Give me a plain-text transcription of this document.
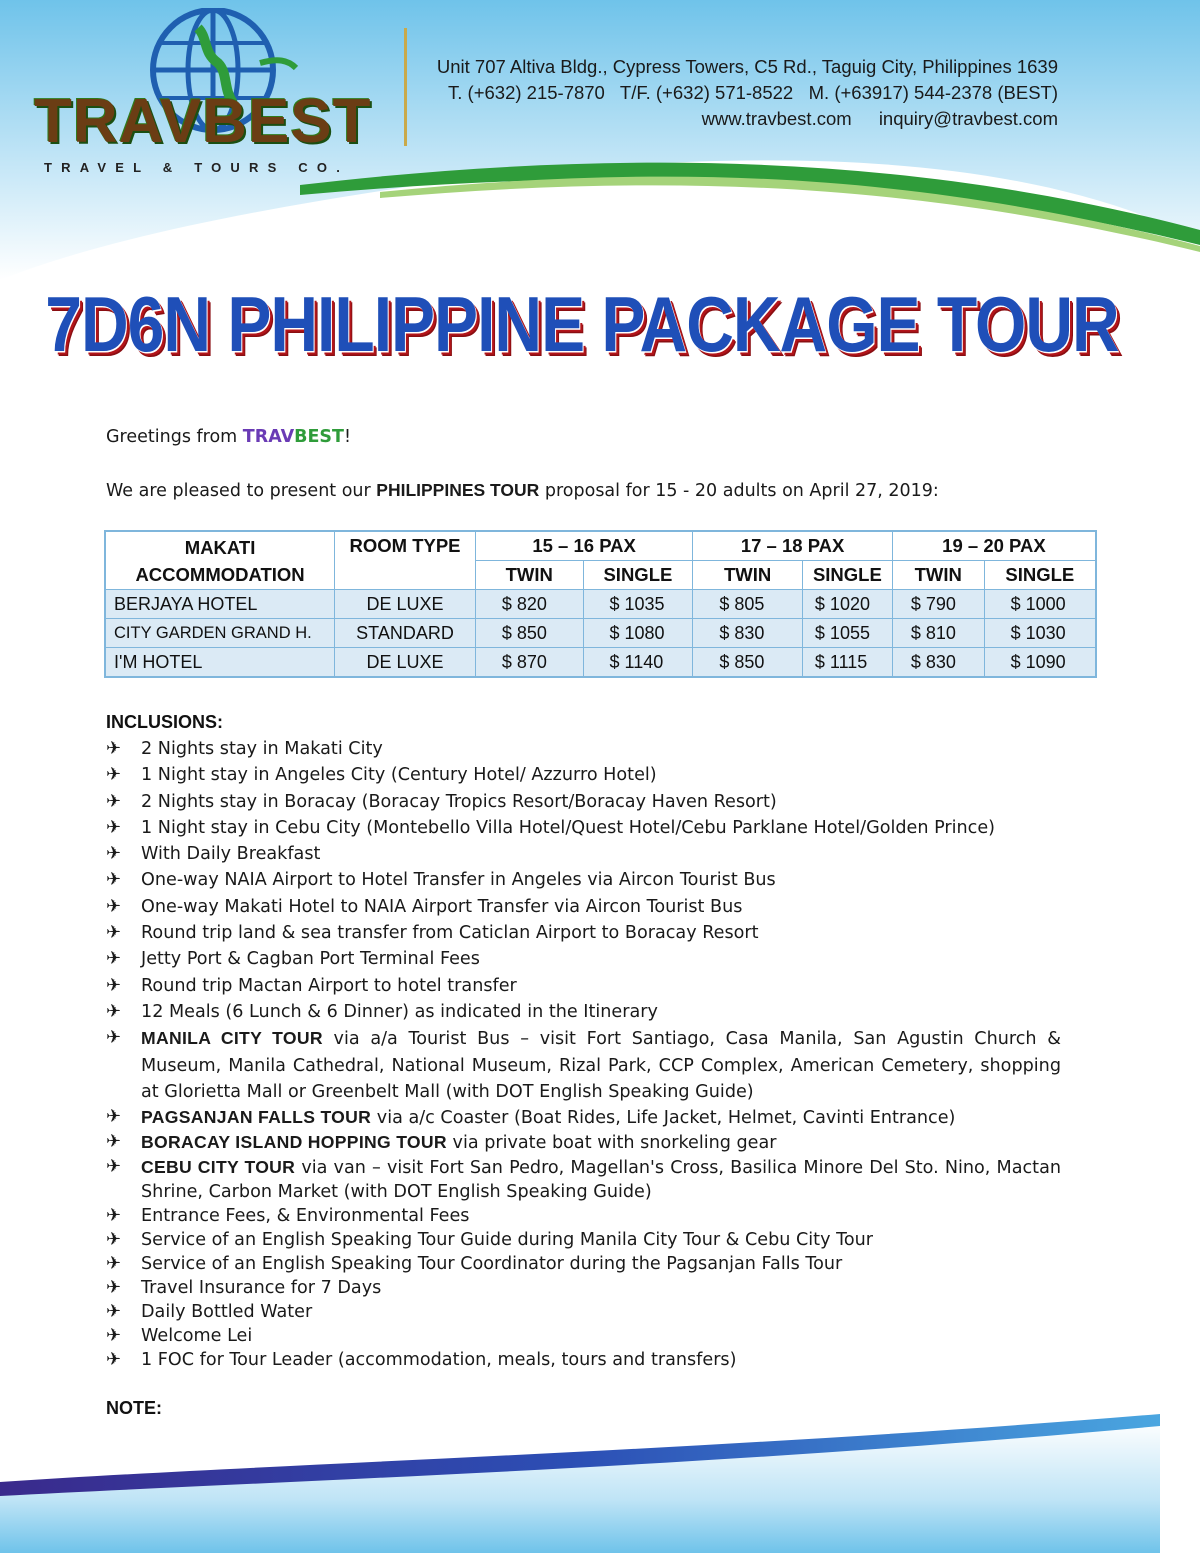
TRAVBEST
TRAVEL & TOURS CO.
Unit 707 Altiva Bldg., Cypress Towers, C5 Rd., Taguig City, Philippines 1639
T. (+632) 215-7870   T/F. (+632) 571-8522   M. (+63917) 544-2378 (BEST)
www.travbest.com inquiry@travbest.com
7D6N PHILIPPINE PACKAGE TOUR
Greetings from TRAVBEST!
We are pleased to present our PHILIPPINES TOUR proposal for 15 - 20 adults on April 27, 2019:
MAKATI
ACCOMMODATION	ROOM TYPE	15 – 16 PAX		17 – 18 PAX		19 – 20 PAX	
		TWIN	SINGLE	TWIN	SINGLE	TWIN	SINGLE
BERJAYA HOTEL	DE LUXE	$ 820	$ 1035	$ 805	$ 1020	$ 790	$ 1000
CITY GARDEN GRAND H.	STANDARD	$ 850	$ 1080	$ 830	$ 1055	$ 810	$ 1030
I'M HOTEL	DE LUXE	$ 870	$ 1140	$ 850	$ 1115	$ 830	$ 1090
INCLUSIONS:
✈ 2 Nights stay in Makati City
✈ 1 Night stay in Angeles City (Century Hotel/ Azzurro Hotel)
✈ 2 Nights stay in Boracay (Boracay Tropics Resort/Boracay Haven Resort)
✈ 1 Night stay in Cebu City (Montebello Villa Hotel/Quest Hotel/Cebu Parklane Hotel/Golden Prince)
✈ With Daily Breakfast
✈ One-way NAIA Airport to Hotel Transfer in Angeles via Aircon Tourist Bus
✈ One-way Makati Hotel to NAIA Airport Transfer via Aircon Tourist Bus
✈ Round trip land & sea transfer from Caticlan Airport to Boracay Resort
✈ Jetty Port & Cagban Port Terminal Fees
✈ Round trip Mactan Airport to hotel transfer
✈ 12 Meals (6 Lunch & 6 Dinner) as indicated in the Itinerary
✈ MANILA CITY TOUR via a/a Tourist Bus – visit Fort Santiago, Casa Manila, San Agustin Church & Museum, Manila Cathedral, National Museum, Rizal Park, CCP Complex, American Cemetery, shopping at Glorietta Mall or Greenbelt Mall (with DOT English Speaking Guide)
✈ PAGSANJAN FALLS TOUR via a/c Coaster (Boat Rides, Life Jacket, Helmet, Cavinti Entrance)
✈ BORACAY ISLAND HOPPING TOUR via private boat with snorkeling gear
✈ CEBU CITY TOUR via van – visit Fort San Pedro, Magellan's Cross, Basilica Minore Del Sto. Nino, Mactan Shrine, Carbon Market (with DOT English Speaking Guide)
✈ Entrance Fees, & Environmental Fees
✈ Service of an English Speaking Tour Guide during Manila City Tour & Cebu City Tour
✈ Service of an English Speaking Tour Coordinator during the Pagsanjan Falls Tour
✈ Travel Insurance for 7 Days
✈ Daily Bottled Water
✈ Welcome Lei
✈ 1 FOC for Tour Leader (accommodation, meals, tours and transfers)
NOTE:
